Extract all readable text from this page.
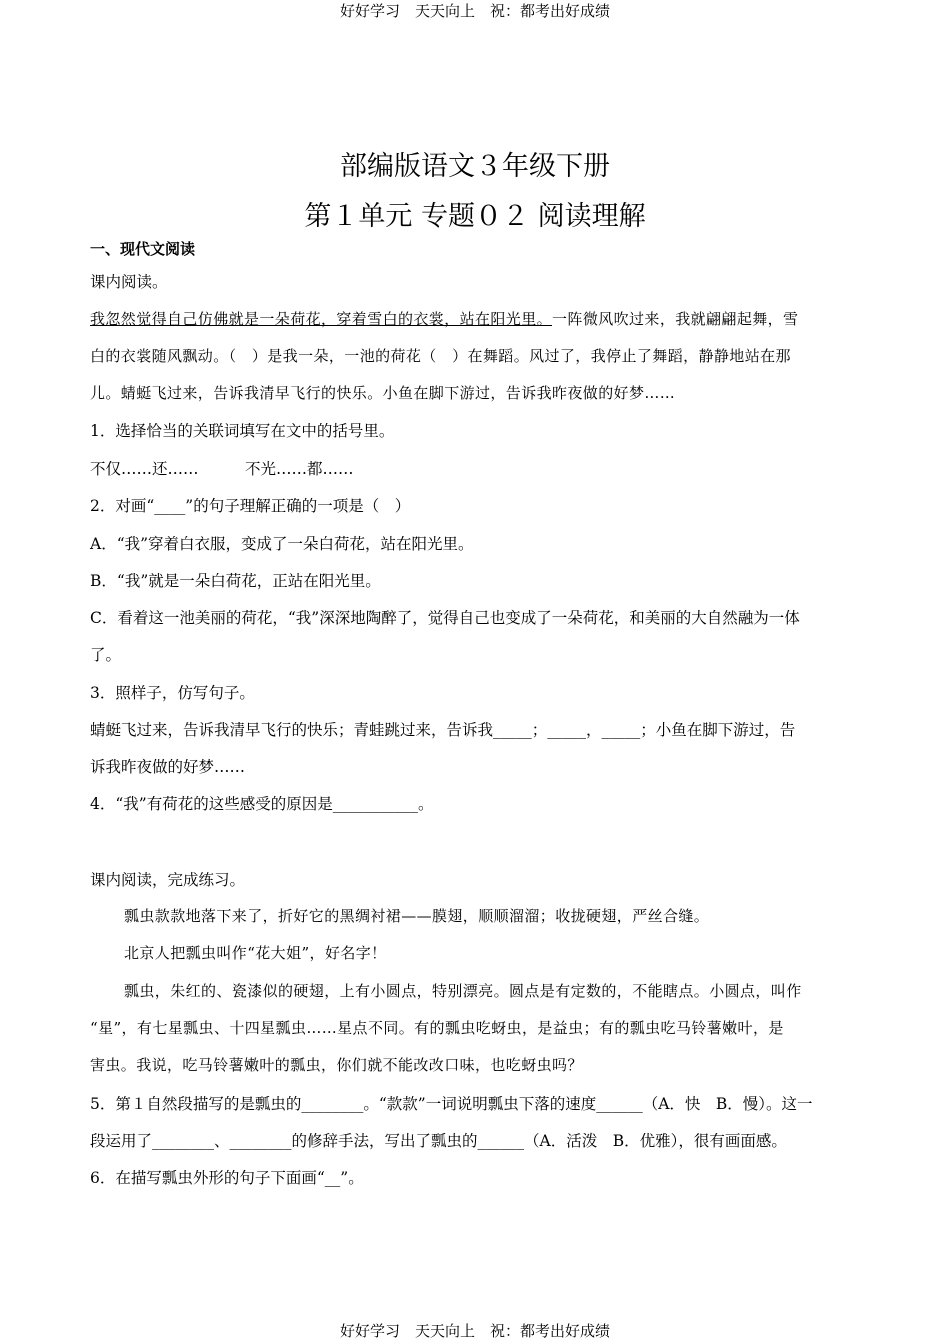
好好学习　天天向上　祝：都考出好成绩
部编版语文３年级下册
第１单元 专题０２ 阅读理解
一、现代文阅读
课内阅读。
我忽然觉得自己仿佛就是一朵荷花，穿着雪白的衣裳，站在阳光里。一阵微风吹过来，我就翩翩起舞，雪
白的衣裳随风飘动。（　）是我一朵，一池的荷花（　）在舞蹈。风过了，我停止了舞蹈，静静地站在那
儿。蜻蜓飞过来，告诉我清早飞行的快乐。小鱼在脚下游过，告诉我昨夜做的好梦……
1．选择恰当的关联词填写在文中的括号里。
不仅……还……　　　不光……都……
2．对画“____”的句子理解正确的一项是（　）
A．“我”穿着白衣服，变成了一朵白荷花，站在阳光里。
B．“我”就是一朵白荷花，正站在阳光里。
C．看着这一池美丽的荷花，“我”深深地陶醉了，觉得自己也变成了一朵荷花，和美丽的大自然融为一体
了。
3．照样子，仿写句子。
蜻蜓飞过来，告诉我清早飞行的快乐；青蛙跳过来，告诉我_____；_____，_____；小鱼在脚下游过，告
诉我昨夜做的好梦……
4．“我”有荷花的这些感受的原因是___________。
课内阅读，完成练习。
瓢虫款款地落下来了，折好它的黑绸衬裙——膜翅，顺顺溜溜；收拢硬翅，严丝合缝。
北京人把瓢虫叫作“花大姐”，好名字！
瓢虫，朱红的、瓷漆似的硬翅，上有小圆点，特别漂亮。圆点是有定数的，不能瞎点。小圆点，叫作
“星”，有七星瓢虫、十四星瓢虫……星点不同。有的瓢虫吃蚜虫，是益虫；有的瓢虫吃马铃薯嫩叶，是
害虫。我说，吃马铃薯嫩叶的瓢虫，你们就不能改改口味，也吃蚜虫吗？
5．第１自然段描写的是瓢虫的________。“款款”一词说明瓢虫下落的速度______（A．快　B．慢）。这一
段运用了________、________的修辞手法，写出了瓢虫的______（A．活泼　B．优雅），很有画面感。
6．在描写瓢虫外形的句子下面画“__”。
好好学习　天天向上　祝：都考出好成绩
